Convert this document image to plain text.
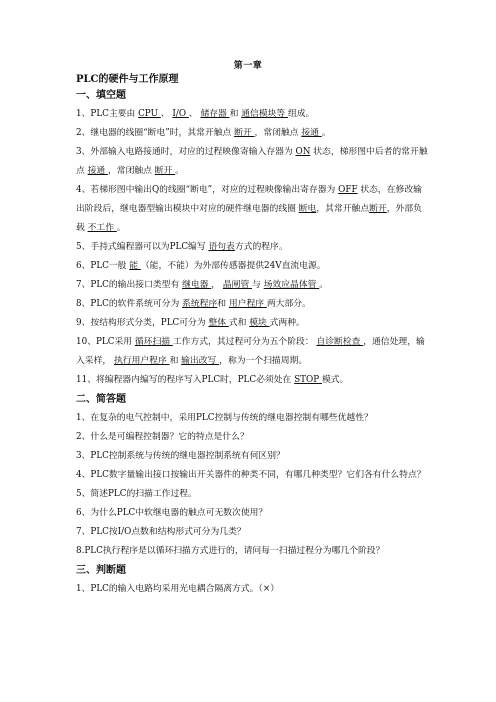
第一章
PLC的硬件与工作原理
一、填空题
1、PLC主要由 CPU 、 I/O 、 储存器 和 通信模块等 组成。
2、继电器的线圈“断电”时，其常开触点 断开 ，常闭触点 接通 。
3、外部输入电路接通时，对应的过程映像寄输入存器为 ON 状态，梯形图中后者的常开触点 接通 ，常闭触点 断开 。
4、若梯形图中输出Q的线圈“断电”，对应的过程映像输出寄存器为 OFF 状态，在修改输出阶段后，继电器型输出模块中对应的硬件继电器的线圈 断电，其常开触点断开，外部负载 不工作 。
5、手持式编程器可以为PLC编写 语句表方式的程序。
6、PLC一般 能 （能，不能）为外部传感器提供24V直流电源。
7、PLC的输出接口类型有 继电器 ， 晶闸管 与 场效应晶体管 。
8、PLC的软件系统可分为 系统程序和 用户程序 两大部分。
9、按结构形式分类，PLC可分为 整体 式和 模块 式两种。
10、PLC采用 循环扫描 工作方式，其过程可分为五个阶段： 自诊断检查 ，通信处理，输入采样， 执行用户程序 和 输出改写 ，称为一个扫描周期。
11、将编程器内编写的程序写入PLC时，PLC必须处在 STOP 模式。
二、简答题
1、在复杂的电气控制中，采用PLC控制与传统的继电器控制有哪些优越性？
2、什么是可编程控制器？它的特点是什么？
3、PLC控制系统与传统的继电器控制系统有何区别？
4、PLC数字量输出接口按输出开关器件的种类不同，有哪几种类型？它们各有什么特点？
5、简述PLC的扫描工作过程。
6、为什么PLC中软继电器的触点可无数次使用？
7、PLC按I/O点数和结构形式可分为几类？
8.PLC执行程序是以循环扫描方式进行的，请问每一扫描过程分为哪几个阶段？
三、判断题
1、PLC的输入电路均采用光电耦合隔离方式。（×）
